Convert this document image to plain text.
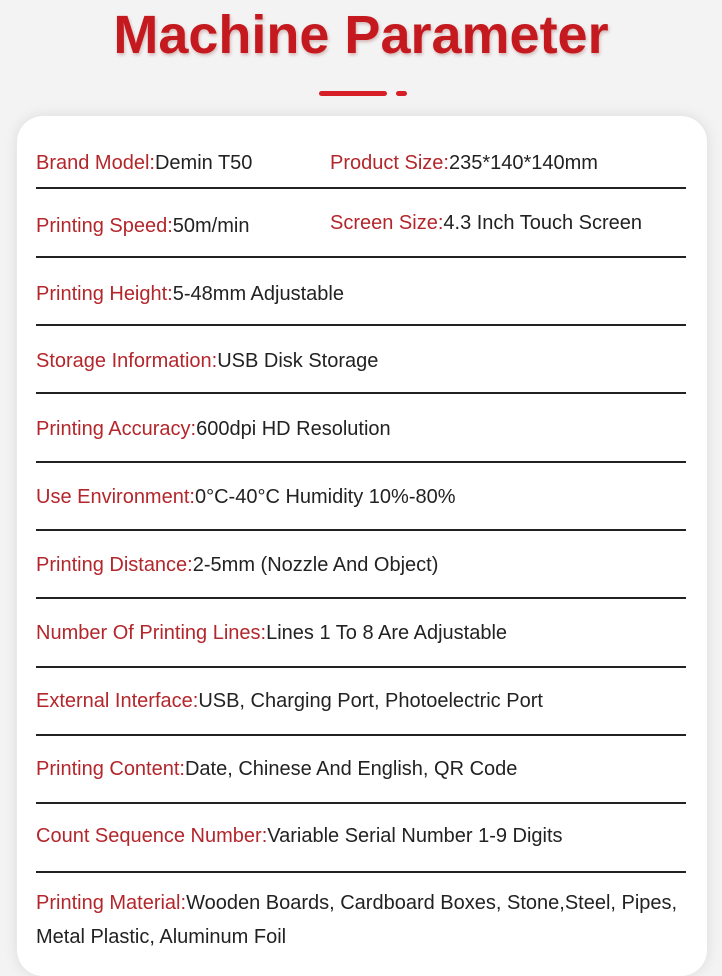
Machine Parameter
Brand Model:Demin T50	Product Size:235*140*140mm
Printing Speed:50m/min	Screen Size:4.3 Inch Touch Screen
Printing Height:5-48mm Adjustable
Storage Information:USB Disk Storage
Printing Accuracy:600dpi HD Resolution
Use Environment:0°C-40°C Humidity 10%-80%
Printing Distance:2-5mm (Nozzle And Object)
Number Of Printing Lines:Lines 1 To 8 Are Adjustable
External Interface:USB, Charging Port, Photoelectric Port
Printing Content:Date, Chinese And English, QR Code
Count Sequence Number:Variable Serial Number 1-9 Digits
Printing Material:Wooden Boards, Cardboard Boxes, Stone,Steel, Pipes, Metal Plastic, Aluminum Foil
